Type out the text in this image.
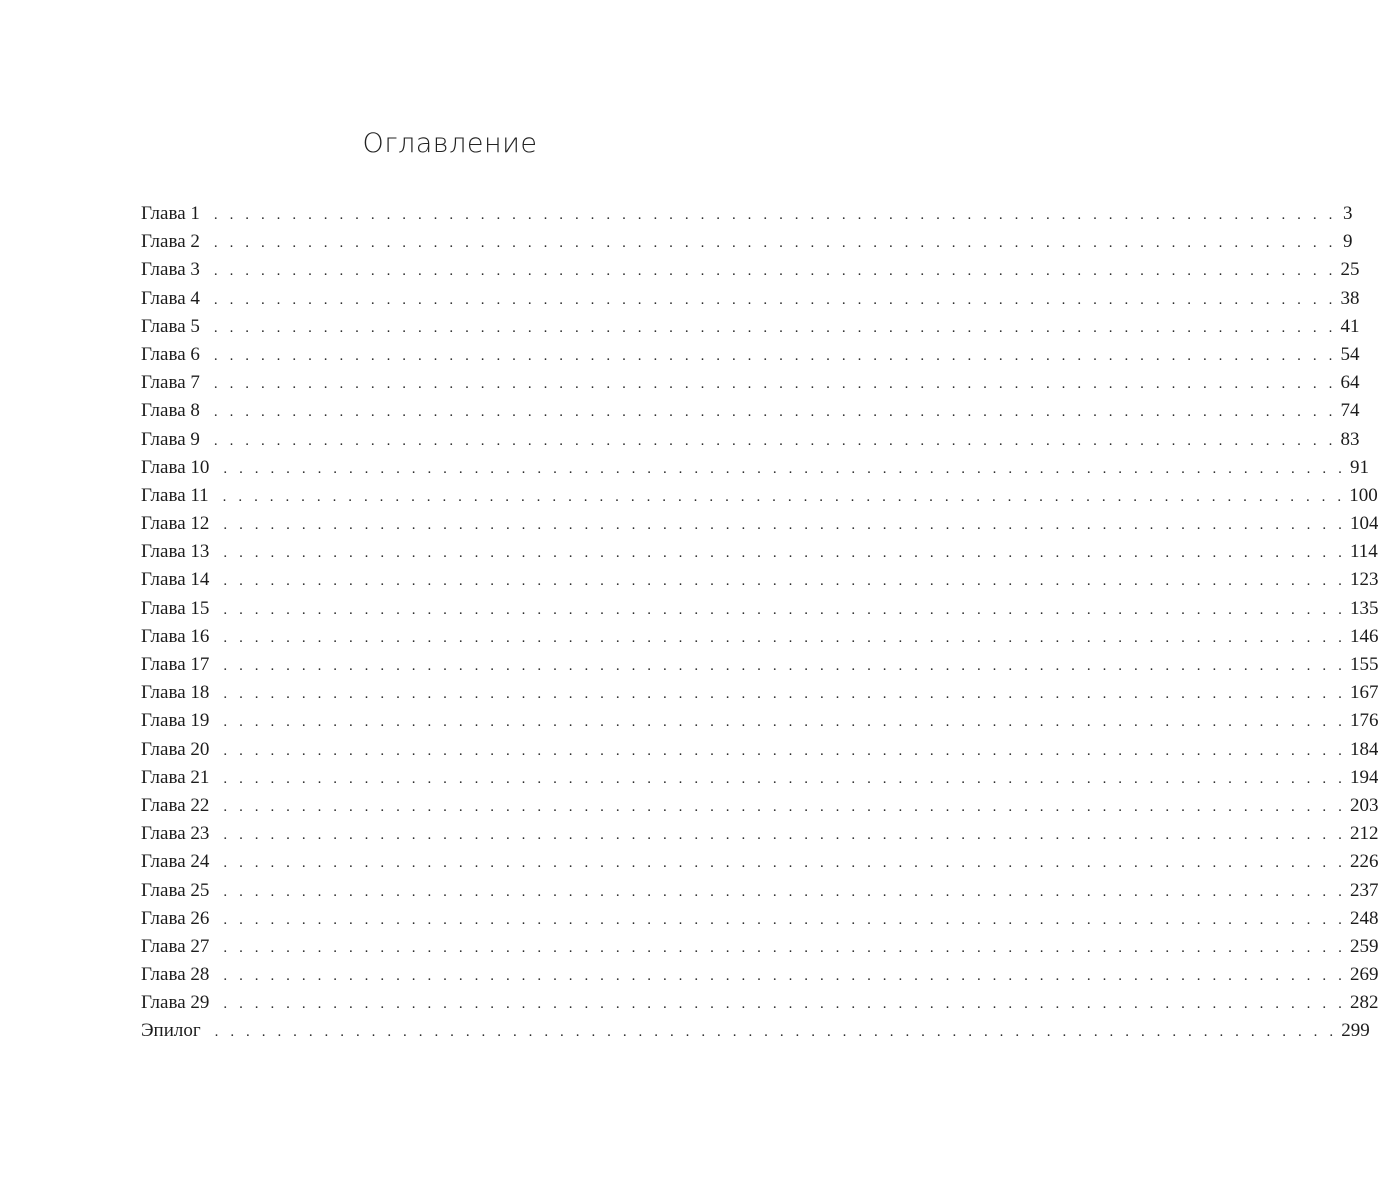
Оглавление
Глава 1 . . . . . . . . . . . . . . . . . . . . . . . . . . . . . . . . . . . . . . . . . . . . . . . . . . . . . . . . . . . . . . . . . . . . . . . . 3
Глава 2 . . . . . . . . . . . . . . . . . . . . . . . . . . . . . . . . . . . . . . . . . . . . . . . . . . . . . . . . . . . . . . . . . . . . . . . . 9
Глава 3 . . . . . . . . . . . . . . . . . . . . . . . . . . . . . . . . . . . . . . . . . . . . . . . . . . . . . . . . . . . . . . . . . . . . . . . . 25
Глава 4 . . . . . . . . . . . . . . . . . . . . . . . . . . . . . . . . . . . . . . . . . . . . . . . . . . . . . . . . . . . . . . . . . . . . . . . . 38
Глава 5 . . . . . . . . . . . . . . . . . . . . . . . . . . . . . . . . . . . . . . . . . . . . . . . . . . . . . . . . . . . . . . . . . . . . . . . . 41
Глава 6 . . . . . . . . . . . . . . . . . . . . . . . . . . . . . . . . . . . . . . . . . . . . . . . . . . . . . . . . . . . . . . . . . . . . . . . . 54
Глава 7 . . . . . . . . . . . . . . . . . . . . . . . . . . . . . . . . . . . . . . . . . . . . . . . . . . . . . . . . . . . . . . . . . . . . . . . . 64
Глава 8 . . . . . . . . . . . . . . . . . . . . . . . . . . . . . . . . . . . . . . . . . . . . . . . . . . . . . . . . . . . . . . . . . . . . . . . . 74
Глава 9 . . . . . . . . . . . . . . . . . . . . . . . . . . . . . . . . . . . . . . . . . . . . . . . . . . . . . . . . . . . . . . . . . . . . . . . . 83
Глава 10 . . . . . . . . . . . . . . . . . . . . . . . . . . . . . . . . . . . . . . . . . . . . . . . . . . . . . . . . . . . . . . . . . . . . . . . . 91
Глава 11 . . . . . . . . . . . . . . . . . . . . . . . . . . . . . . . . . . . . . . . . . . . . . . . . . . . . . . . . . . . . . . . . . . . . . . . . 100
Глава 12 . . . . . . . . . . . . . . . . . . . . . . . . . . . . . . . . . . . . . . . . . . . . . . . . . . . . . . . . . . . . . . . . . . . . . . . . 104
Глава 13 . . . . . . . . . . . . . . . . . . . . . . . . . . . . . . . . . . . . . . . . . . . . . . . . . . . . . . . . . . . . . . . . . . . . . . . . 114
Глава 14 . . . . . . . . . . . . . . . . . . . . . . . . . . . . . . . . . . . . . . . . . . . . . . . . . . . . . . . . . . . . . . . . . . . . . . . . 123
Глава 15 . . . . . . . . . . . . . . . . . . . . . . . . . . . . . . . . . . . . . . . . . . . . . . . . . . . . . . . . . . . . . . . . . . . . . . . . 135
Глава 16 . . . . . . . . . . . . . . . . . . . . . . . . . . . . . . . . . . . . . . . . . . . . . . . . . . . . . . . . . . . . . . . . . . . . . . . . 146
Глава 17 . . . . . . . . . . . . . . . . . . . . . . . . . . . . . . . . . . . . . . . . . . . . . . . . . . . . . . . . . . . . . . . . . . . . . . . . 155
Глава 18 . . . . . . . . . . . . . . . . . . . . . . . . . . . . . . . . . . . . . . . . . . . . . . . . . . . . . . . . . . . . . . . . . . . . . . . . 167
Глава 19 . . . . . . . . . . . . . . . . . . . . . . . . . . . . . . . . . . . . . . . . . . . . . . . . . . . . . . . . . . . . . . . . . . . . . . . . 176
Глава 20 . . . . . . . . . . . . . . . . . . . . . . . . . . . . . . . . . . . . . . . . . . . . . . . . . . . . . . . . . . . . . . . . . . . . . . . . 184
Глава 21 . . . . . . . . . . . . . . . . . . . . . . . . . . . . . . . . . . . . . . . . . . . . . . . . . . . . . . . . . . . . . . . . . . . . . . . . 194
Глава 22 . . . . . . . . . . . . . . . . . . . . . . . . . . . . . . . . . . . . . . . . . . . . . . . . . . . . . . . . . . . . . . . . . . . . . . . . 203
Глава 23 . . . . . . . . . . . . . . . . . . . . . . . . . . . . . . . . . . . . . . . . . . . . . . . . . . . . . . . . . . . . . . . . . . . . . . . . 212
Глава 24 . . . . . . . . . . . . . . . . . . . . . . . . . . . . . . . . . . . . . . . . . . . . . . . . . . . . . . . . . . . . . . . . . . . . . . . . 226
Глава 25 . . . . . . . . . . . . . . . . . . . . . . . . . . . . . . . . . . . . . . . . . . . . . . . . . . . . . . . . . . . . . . . . . . . . . . . . 237
Глава 26 . . . . . . . . . . . . . . . . . . . . . . . . . . . . . . . . . . . . . . . . . . . . . . . . . . . . . . . . . . . . . . . . . . . . . . . . 248
Глава 27 . . . . . . . . . . . . . . . . . . . . . . . . . . . . . . . . . . . . . . . . . . . . . . . . . . . . . . . . . . . . . . . . . . . . . . . . 259
Глава 28 . . . . . . . . . . . . . . . . . . . . . . . . . . . . . . . . . . . . . . . . . . . . . . . . . . . . . . . . . . . . . . . . . . . . . . . . 269
Глава 29 . . . . . . . . . . . . . . . . . . . . . . . . . . . . . . . . . . . . . . . . . . . . . . . . . . . . . . . . . . . . . . . . . . . . . . . . 282
Эпилог . . . . . . . . . . . . . . . . . . . . . . . . . . . . . . . . . . . . . . . . . . . . . . . . . . . . . . . . . . . . . . . . . . . . . . . . 299
